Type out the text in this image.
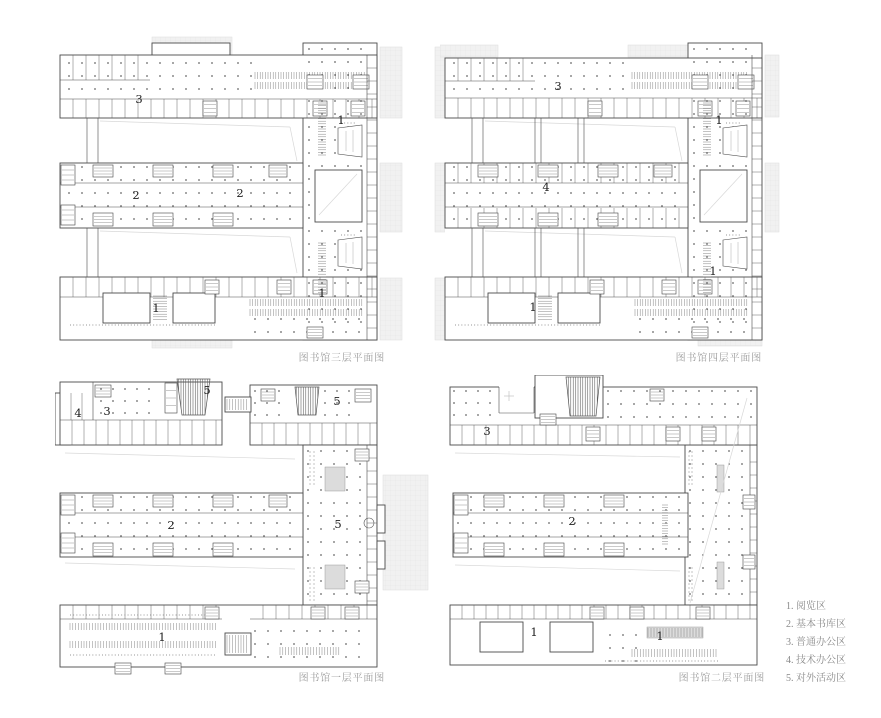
3
2	2
1
1
1
3
4
1
1
1
4 3
5
5
2	5
1
3
2
1	1
图书馆三层平面图	图书馆四层平面图
图书馆一层平面图	图书馆二层平面图
1. 阅览区
2. 基本书库区
3. 普通办公区
4. 技术办公区
5. 对外活动区
